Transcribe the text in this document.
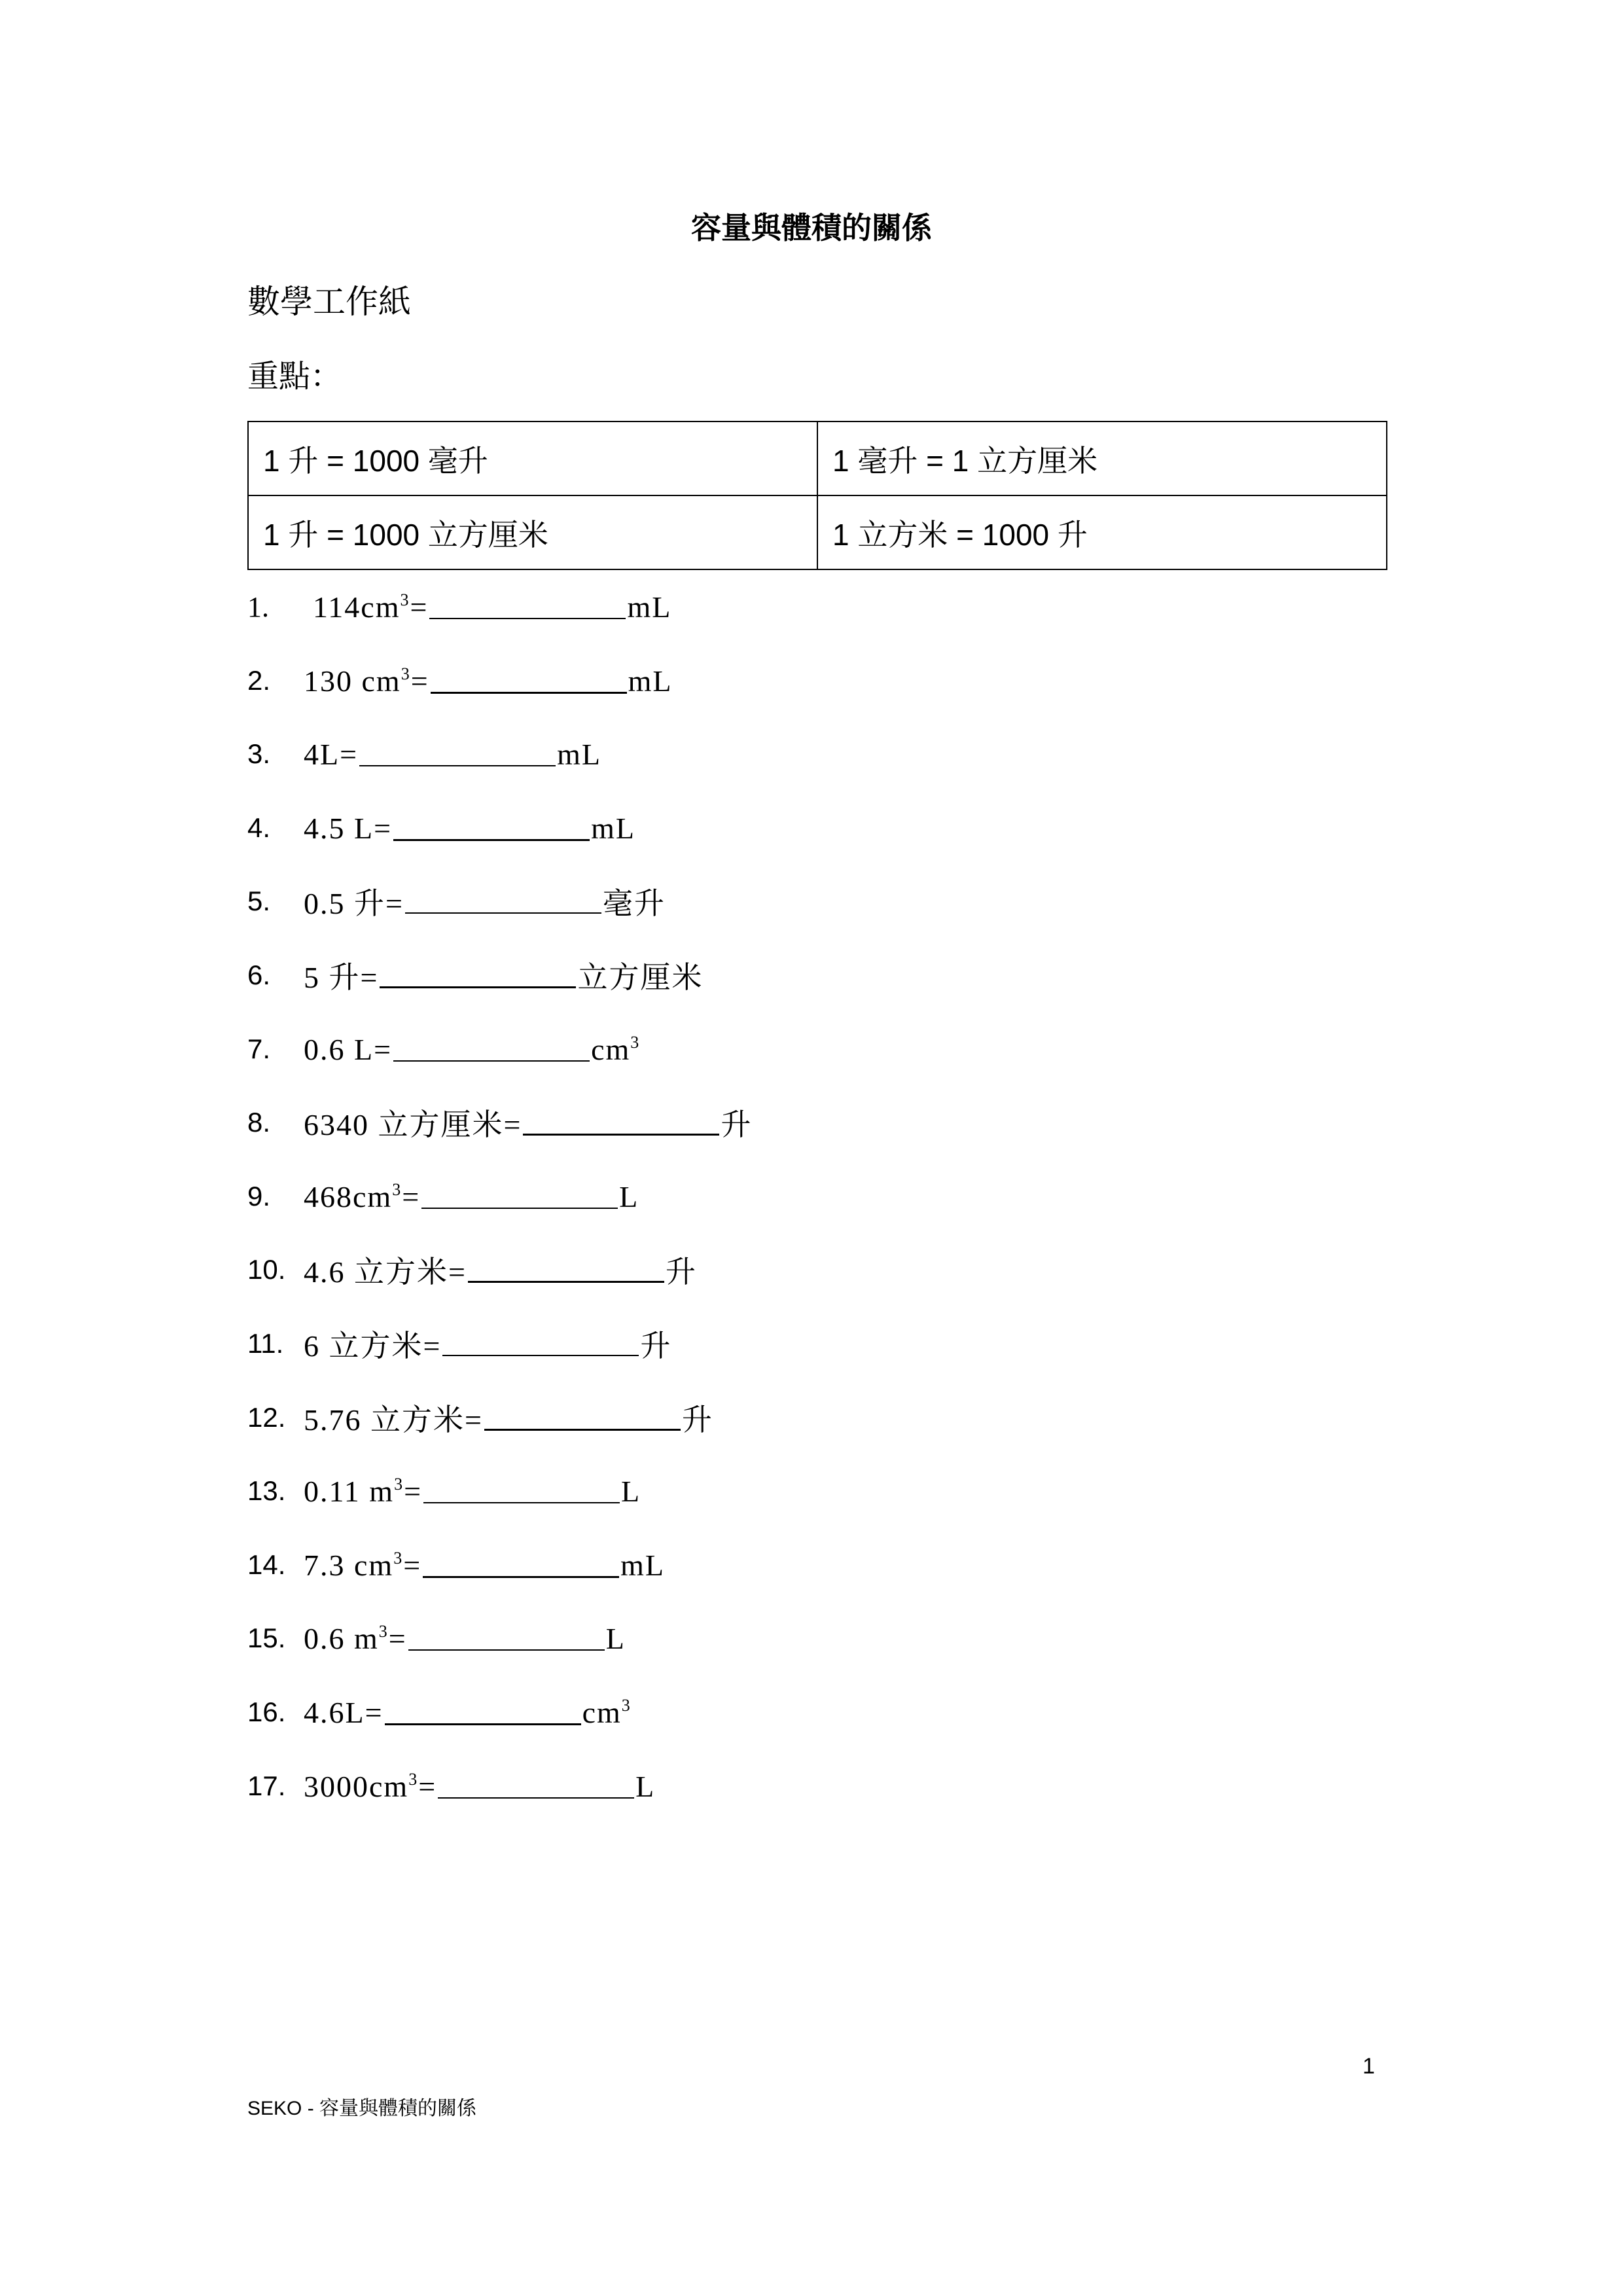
容量與體積的關係
數學工作紙
重點：
1 升 = 1000 毫升	1 毫升 = 1 立方厘米
1 升 = 1000 立方厘米	1 立方米 = 1000 升
1.	$114cm^3=$	mL
2.	130 $cm^3=$	mL
3.	4L=	mL
4.	4.5 L=	mL
5.	0.5 升=	毫升
6.	5 升=	立方厘米
7.	0.6 L=	$cm^3$
8.	6340 立方厘米=	升
9.	$468cm^3=$	L
10. 4.6 立方米=	升
11. 6 立方米=	升
12. 5.76 立方米=	升
13. 0.11 $m^3=$	L
14. 7.3 $cm^3=$	mL
15. 0.6 $m^3=$	L
16. 4.6L=	$cm^3$
17. $3000cm^3=$	L
1
SEKO - 容量與體積的關係
